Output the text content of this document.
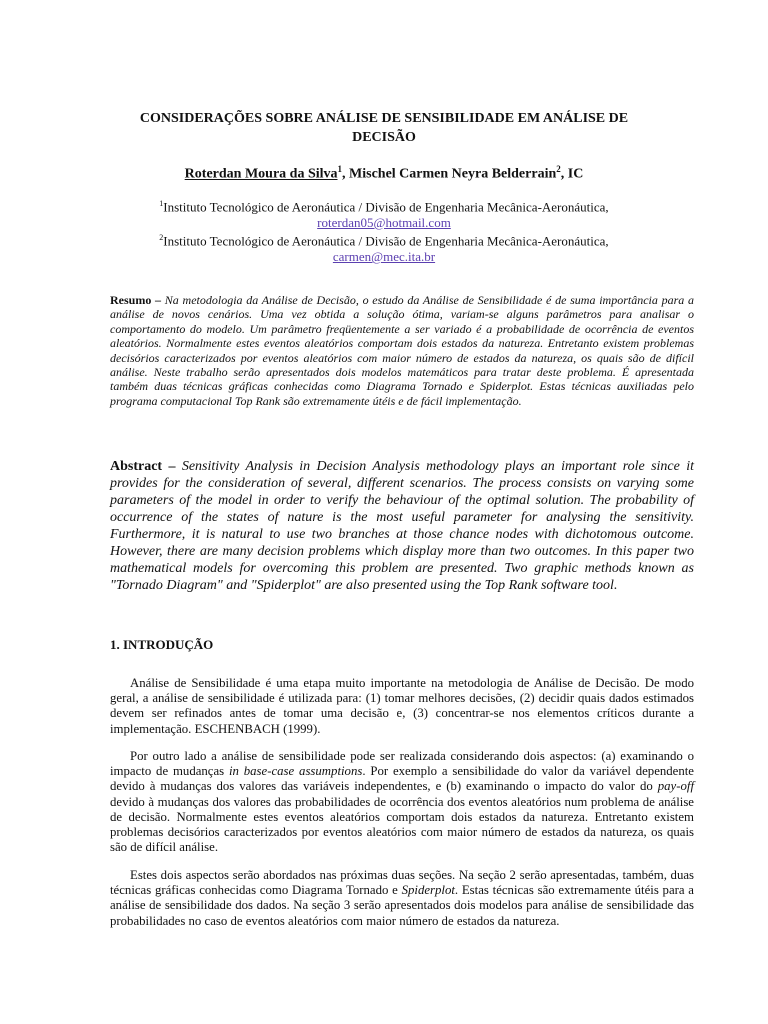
CONSIDERAÇÕES SOBRE ANÁLISE DE SENSIBILIDADE EM ANÁLISE DE
DECISÃO
Roterdan Moura da Silva$^1$, Mischel Carmen Neyra Belderrain$^2$, IC
$^1$Instituto Tecnológico de Aeronáutica / Divisão de Engenharia Mecânica-Aeronáutica,
roterdan05@hotmail.com
$^2$Instituto Tecnológico de Aeronáutica / Divisão de Engenharia Mecânica-Aeronáutica,
carmen@mec.ita.br
Resumo – Na metodologia da Análise de Decisão, o estudo da Análise de Sensibilidade é de suma importância para a análise de novos cenários. Uma vez obtida a solução ótima, variam-se alguns parâmetros para analisar o comportamento do modelo. Um parâmetro freqüentemente a ser variado é a probabilidade de ocorrência de eventos aleatórios. Normalmente estes eventos aleatórios comportam dois estados da natureza. Entretanto existem problemas decisórios caracterizados por eventos aleatórios com maior número de estados da natureza, os quais são de difícil análise. Neste trabalho serão apresentados dois modelos matemáticos para tratar deste problema. É apresentada também duas técnicas gráficas conhecidas como Diagrama Tornado e Spiderplot. Estas técnicas auxiliadas pelo programa computacional Top Rank são extremamente útéis e de fácil implementação.
Abstract – Sensitivity Analysis in Decision Analysis methodology plays an important role since it provides for the consideration of several, different scenarios. The process consists on varying some parameters of the model in order to verify the behaviour of the optimal solution. The probability of occurrence of the states of nature is the most useful parameter for analysing the sensitivity. Furthermore, it is natural to use two branches at those chance nodes with dichotomous outcome. However, there are many decision problems which display more than two outcomes. In this paper two mathematical models for overcoming this problem are presented. Two graphic methods known as "Tornado Diagram" and "Spiderplot" are also presented using the Top Rank software tool.
1. INTRODUÇÃO

Análise de Sensibilidade é uma etapa muito importante na metodologia de Análise de Decisão. De modo geral, a análise de sensibilidade é utilizada para: (1) tomar melhores decisões, (2) decidir quais dados estimados devem ser refinados antes de tomar uma decisão e, (3) concentrar-se nos elementos críticos durante a implementação. ESCHENBACH (1999).

Por outro lado a análise de sensibilidade pode ser realizada considerando dois aspectos: (a) examinando o impacto de mudanças in base-case assumptions. Por exemplo a sensibilidade do valor da variável dependente devido à mudanças dos valores das variáveis independentes, e (b) examinando o impacto do valor do pay-off devido à mudanças dos valores das probabilidades de ocorrência dos eventos aleatórios num problema de análise de decisão. Normalmente estes eventos aleatórios comportam dois estados da natureza. Entretanto existem problemas decisórios caracterizados por eventos aleatórios com maior número de estados da natureza, os quais são de difícil análise.

Estes dois aspectos serão abordados nas próximas duas seções. Na seção 2 serão apresentadas, também, duas técnicas gráficas conhecidas como Diagrama Tornado e Spiderplot. Estas técnicas são extremamente útéis para a análise de sensibilidade dos dados. Na seção 3 serão apresentados dois modelos para análise de sensibilidade das probabilidades no caso de eventos aleatórios com maior número de estados da natureza.
